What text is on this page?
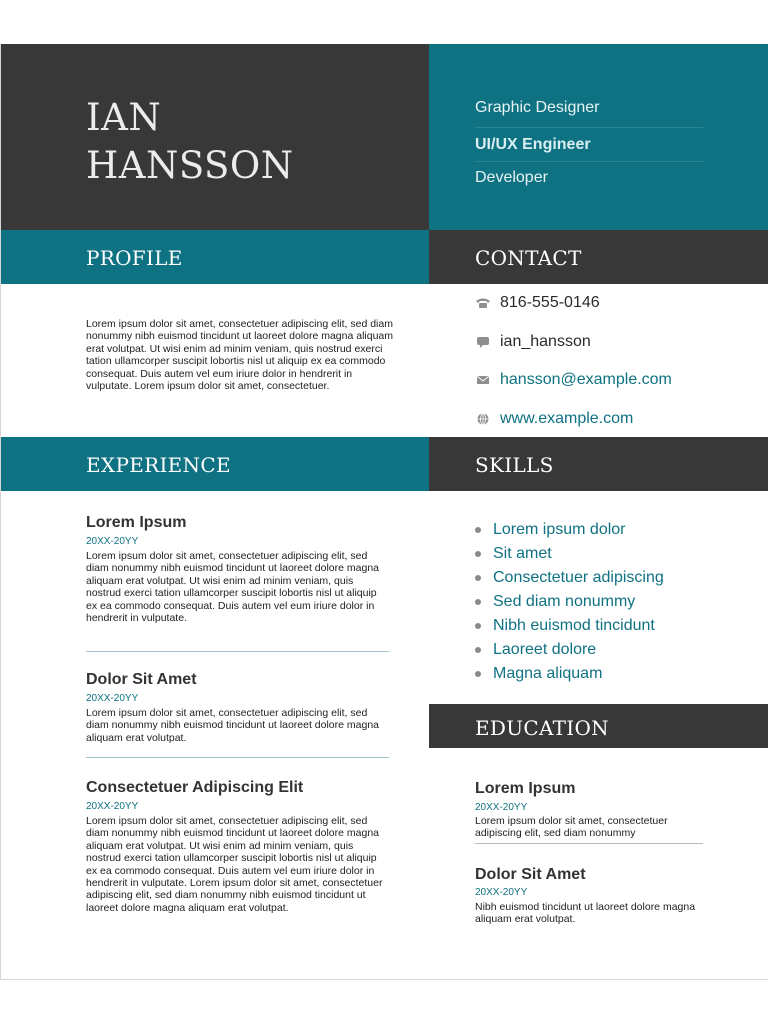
IAN
HANSSON
Graphic Designer
UI/UX Engineer
Developer
PROFILE	CONTACT
Lorem ipsum dolor sit amet, consectetuer adipiscing elit, sed diam nonummy nibh euismod tincidunt ut laoreet dolore magna aliquam erat volutpat. Ut wisi enim ad minim veniam, quis nostrud exerci tation ullamcorper suscipit lobortis nisl ut aliquip ex ea commodo consequat. Duis autem vel eum iriure dolor in hendrerit in vulputate. Lorem ipsum dolor sit amet, consectetuer.
816-555-0146
ian_hansson
hansson@example.com
www.example.com
EXPERIENCE	SKILLS
Lorem Ipsum
20XX-20YY
Lorem ipsum dolor sit amet, consectetuer adipiscing elit, sed diam nonummy nibh euismod tincidunt ut laoreet dolore magna aliquam erat volutpat. Ut wisi enim ad minim veniam, quis nostrud exerci tation ullamcorper suscipit lobortis nisl ut aliquip ex ea commodo consequat. Duis autem vel eum iriure dolor in hendrerit in vulputate.
Dolor Sit Amet
20XX-20YY
Lorem ipsum dolor sit amet, consectetuer adipiscing elit, sed diam nonummy nibh euismod tincidunt ut laoreet dolore magna aliquam erat volutpat.
Consectetuer Adipiscing Elit
20XX-20YY
Lorem ipsum dolor sit amet, consectetuer adipiscing elit, sed diam nonummy nibh euismod tincidunt ut laoreet dolore magna aliquam erat volutpat. Ut wisi enim ad minim veniam, quis nostrud exerci tation ullamcorper suscipit lobortis nisl ut aliquip ex ea commodo consequat. Duis autem vel eum iriure dolor in hendrerit in vulputate. Lorem ipsum dolor sit amet, consectetuer adipiscing elit, sed diam nonummy nibh euismod tincidunt ut laoreet dolore magna aliquam erat volutpat.
Lorem ipsum dolor
Sit amet
Consectetuer adipiscing
Sed diam nonummy
Nibh euismod tincidunt
Laoreet dolore
Magna aliquam
EDUCATION
Lorem Ipsum
20XX-20YY
Lorem ipsum dolor sit amet, consectetuer adipiscing elit, sed diam nonummy
Dolor Sit Amet
20XX-20YY
Nibh euismod tincidunt ut laoreet dolore magna aliquam erat volutpat.
